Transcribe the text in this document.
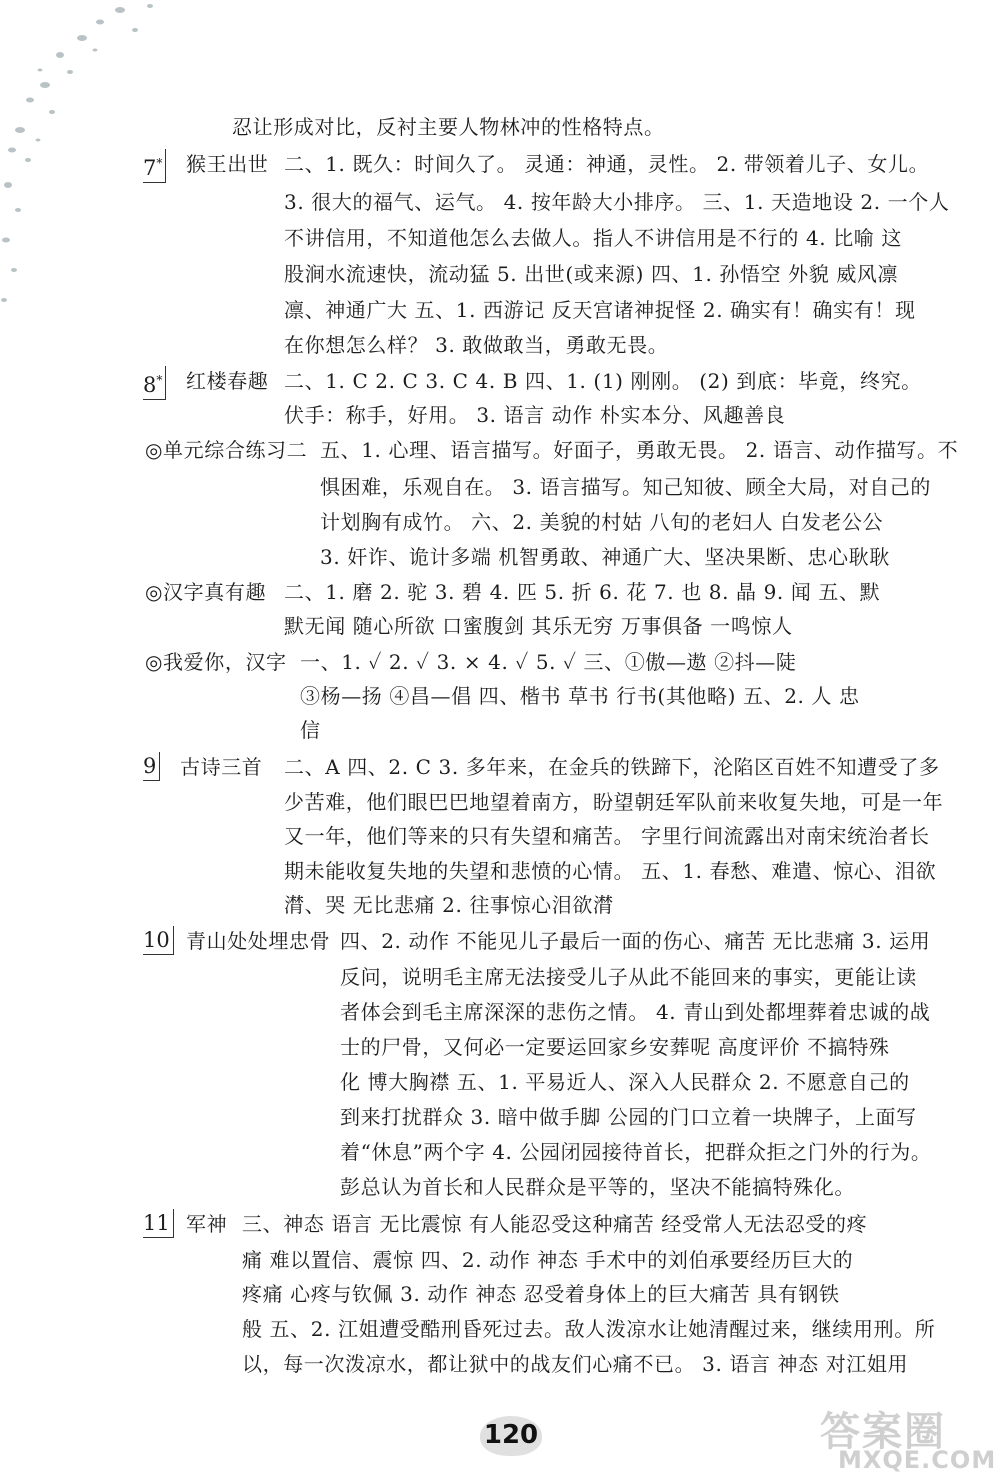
忍让形成对比，反衬主要人物林冲的性格特点。
7* 猴王出世 二、1. 既久：时间久了。 灵通：神通，灵性。 2. 带领着儿子、女儿。
3. 很大的福气、运气。 4. 按年龄大小排序。 三、1. 天造地设 2. 一个人
不讲信用，不知道他怎么去做人。指人不讲信用是不行的 4. 比喻 这
股涧水流速快，流动猛 5. 出世(或来源) 四、1. 孙悟空 外貌 威风凛
凛、神通广大 五、1. 西游记 反天宫诸神捉怪 2. 确实有！确实有！现
在你想怎么样？ 3. 敢做敢当，勇敢无畏。
8* 红楼春趣 二、1. C 2. C 3. C 4. B 四、1. (1) 刚刚。 (2) 到底：毕竟，终究。
伏手：称手，好用。 3. 语言 动作 朴实本分、风趣善良
◎单元综合练习二 五、1. 心理、语言描写。好面子，勇敢无畏。 2. 语言、动作描写。不
惧困难，乐观自在。 3. 语言描写。知己知彼、顾全大局，对自己的
计划胸有成竹。 六、2. 美貌的村姑 八旬的老妇人 白发老公公
3. 奸诈、诡计多端 机智勇敢、神通广大、坚决果断、忠心耿耿
◎汉字真有趣 二、1. 磨 2. 驼 3. 碧 4. 匹 5. 折 6. 花 7. 也 8. 晶 9. 闻 五、默
默无闻 随心所欲 口蜜腹剑 其乐无穷 万事俱备 一鸣惊人
◎我爱你，汉字 一、1. ✓ 2. ✓ 3. × 4. ✓ 5. ✓ 三、①傲—遨 ②抖—陡
③杨—扬 ④昌—倡 四、楷书 草书 行书(其他略) 五、2. 人 忠
信
9 古诗三首 二、A 四、2. C 3. 多年来，在金兵的铁蹄下，沦陷区百姓不知遭受了多
少苦难，他们眼巴巴地望着南方，盼望朝廷军队前来收复失地，可是一年
又一年，他们等来的只有失望和痛苦。 字里行间流露出对南宋统治者长
期未能收复失地的失望和悲愤的心情。 五、1. 春愁、难遣、惊心、泪欲
潸、哭 无比悲痛 2. 往事惊心泪欲潸
10 青山处处埋忠骨 四、2. 动作 不能见儿子最后一面的伤心、痛苦 无比悲痛 3. 运用
反问，说明毛主席无法接受儿子从此不能回来的事实，更能让读
者体会到毛主席深深的悲伤之情。 4. 青山到处都埋葬着忠诚的战
士的尸骨，又何必一定要运回家乡安葬呢 高度评价 不搞特殊
化 博大胸襟 五、1. 平易近人、深入人民群众 2. 不愿意自己的
到来打扰群众 3. 暗中做手脚 公园的门口立着一块牌子，上面写
着“休息”两个字 4. 公园闭园接待首长，把群众拒之门外的行为。
彭总认为首长和人民群众是平等的，坚决不能搞特殊化。
11 军神 三、神态 语言 无比震惊 有人能忍受这种痛苦 经受常人无法忍受的疼
痛 难以置信、震惊 四、2. 动作 神态 手术中的刘伯承要经历巨大的
疼痛 心疼与钦佩 3. 动作 神态 忍受着身体上的巨大痛苦 具有钢铁
般 五、2. 江姐遭受酷刑昏死过去。敌人泼凉水让她清醒过来，继续用刑。所
以，每一次泼凉水，都让狱中的战友们心痛不已。 3. 语言 神态 对江姐用
120	答案圈
MXQE.COM
